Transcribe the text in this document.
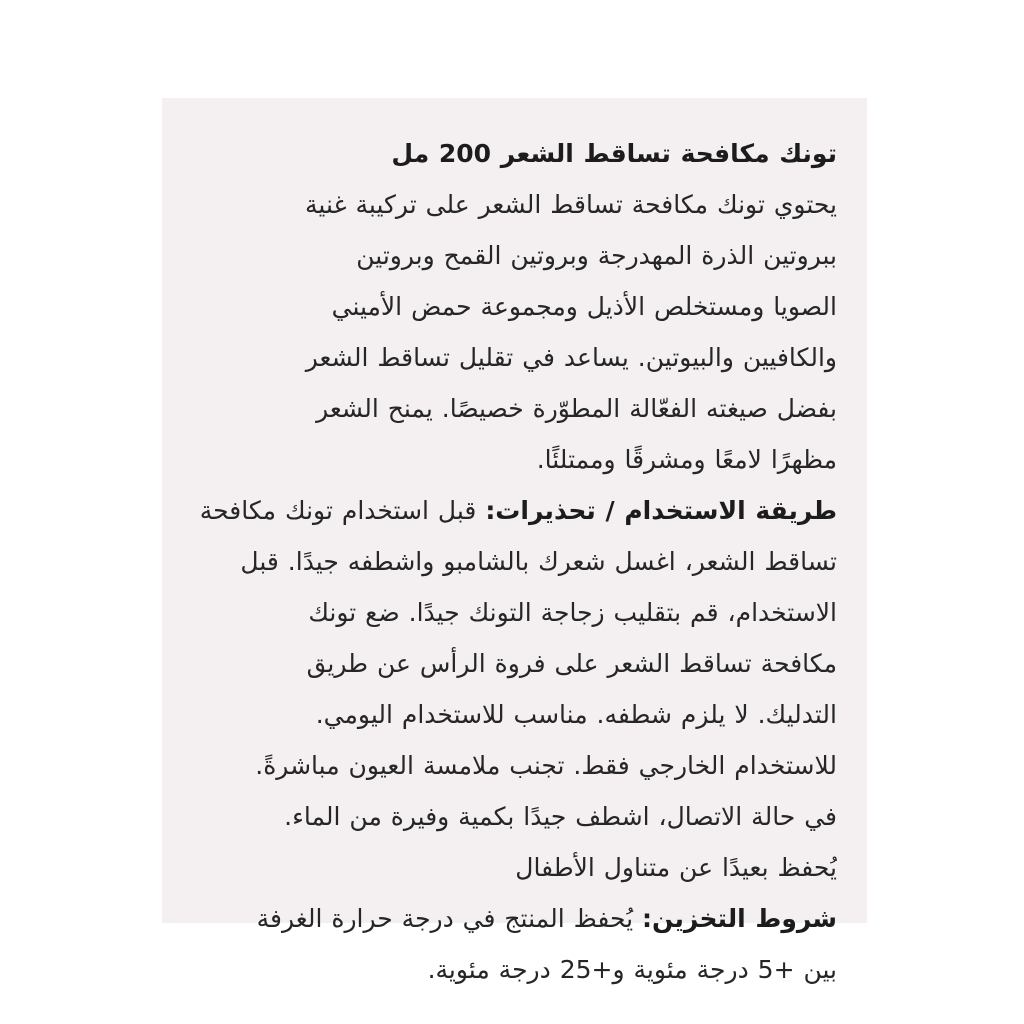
تونك مكافحة تساقط الشعر 200 مل
يحتوي تونك مكافحة تساقط الشعر على تركيبة غنية
ببروتين الذرة المهدرجة وبروتين القمح وبروتين
الصويا ومستخلص الأذيل ومجموعة حمض الأميني
والكافيين والبيوتين. يساعد في تقليل تساقط الشعر
بفضل صيغته الفعّالة المطوّرة خصيصًا. يمنح الشعر
مظهرًا لامعًا ومشرقًا وممتلئًا.
طريقة الاستخدام / تحذيرات: قبل استخدام تونك مكافحة
تساقط الشعر، اغسل شعرك بالشامبو واشطفه جيدًا. قبل
الاستخدام، قم بتقليب زجاجة التونك جيدًا. ضع تونك
مكافحة تساقط الشعر على فروة الرأس عن طريق
التدليك. لا يلزم شطفه. مناسب للاستخدام اليومي.
للاستخدام الخارجي فقط. تجنب ملامسة العيون مباشرةً.
في حالة الاتصال، اشطف جيدًا بكمية وفيرة من الماء.
يُحفظ بعيدًا عن متناول الأطفال
شروط التخزين: يُحفظ المنتج في درجة حرارة الغرفة
بين +5 درجة مئوية و+25 درجة مئوية.
